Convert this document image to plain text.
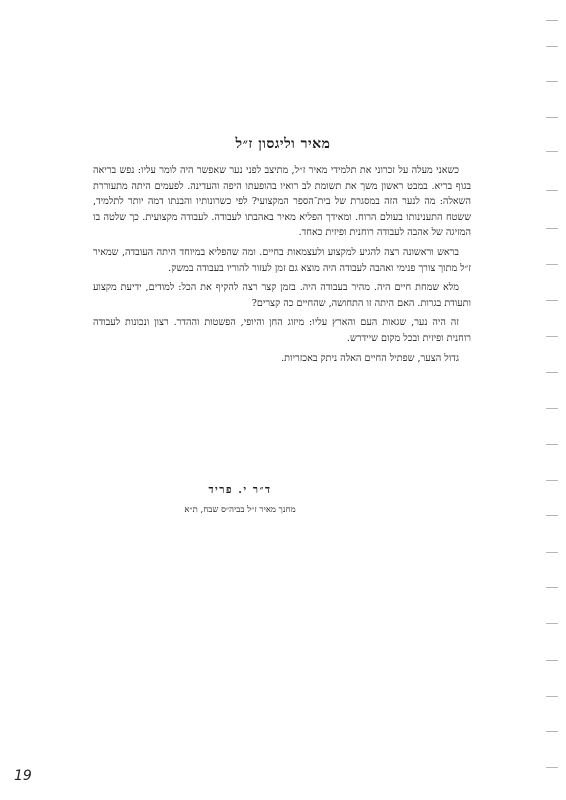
מאיר וליגסון ז״ל

כשאני מעלה על זכרוני את תלמידי מאיר ז״ל, מתיצב לפני נער שאפשר היה לומר עליו: נפש בריאה בגוף בריא. במבט ראשון משך את תשומת לב רואיו בהופעתו היפה והעדינה. לפעמים היתה מתעוררת השאלה: מה לנער הזה במסגרת של בית־הספר המקצועי? לפי כשרונותיו והבנתו דמה יותר לתלמיד, ששטח התענינותו בעולם הרוח. ומאידך הפליא מאיר באהבתו לעבודה. לעבודה מקצועית. כך שלטה בו המזיגה של אהבה לעבודה רוחנית ופיזית כאחד.

בראש וראשונה רצה להגיע למקצוע ולעצמאות בחיים. ומה שהפליא במיוחד היתה העובדה, שמאיר ז״ל מתוך צורך פנימי ואהבה לעבודה היה מוצא גם זמן לעזור להוריו בעבודה במשק.

מלא שמחת חיים היה. מהיר בעבודה היה. בזמן קצר רצה להקיף את הכל: למודים, ידיעת מקצוע ותעודת בגרות. האם היתה זו התחושה, שהחיים כה קצרים?

זה היה נער, שגאות העם והארץ עליו: מיזוג החן והיופי, הפשטות וההדר. רצון ונכונות לעבודה רוחנית ופיזית ובכל מקום שיידרש.

גדול הצער, שפתיל החיים האלה ניתק באכזריות.

ד״ר י. פריד
מחנך מאיר ז״ל בביה״ס שבח, ת״א
19
